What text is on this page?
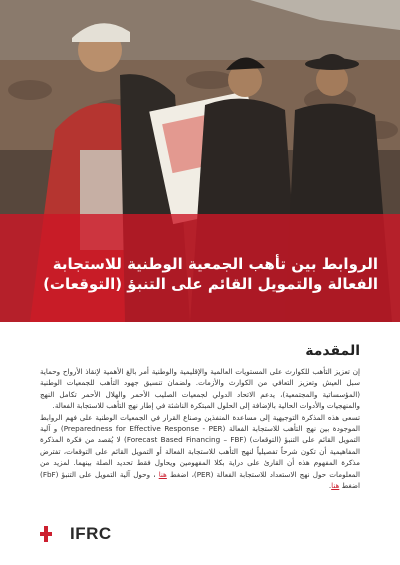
الروابط بين تأهب الجمعية الوطنية للاستجابة الفعالة والتمويل القائم على التنبؤ (التوقعات)
المقدمة

إن تعزيز التأهب للكوارث على المستويات العالمية والإقليمية والوطنية أمر بالغ الأهمية لإنقاذ الأرواح وحماية سبل العيش وتعزيز التعافي من الكوارث والأزمات. ولضمان تنسيق جهود التأهب للجمعيات الوطنية (المؤسساتية والمجتمعية)، يدعم الاتحاد الدولي لجمعيات الصليب الأحمر والهلال الأحمر تكامل النهج والمنهجيات والأدوات الحالية بالإضافة إلى الحلول المبتكرة الناشئة في إطار نهج التأهب للاستجابة الفعالة.

تسعى هذه المذكرة التوجيهية إلى مساعدة المنفذين وصناع القرار في الجمعيات الوطنية على فهم الروابط الموجودة بين نهج التأهب للاستجابة الفعالة (Preparedness for Effective Response - PER) و آلية التمويل القائم على التنبؤ (التوقعات) (Forecast Based Financing – FBF) لا يُقصد من فكرة المذكرة المفاهيمية أن تكون شرحاً تفصيلياً لنهج التأهب للاستجابة الفعالة أو التمويل القائم على التوقعات، تفترض مذكرة المفهوم هذه أن القارئ على دراية بكلا المفهومين ويحاول فقط تحديد الصلة بينهما. لمزيد من المعلومات حول نهج الاستعداد للاستجابة الفعالة (PER)، اضغط هنا ، وحول آلية التمويل على التنبؤ (FbF) اضغط هنا.

IFRC
